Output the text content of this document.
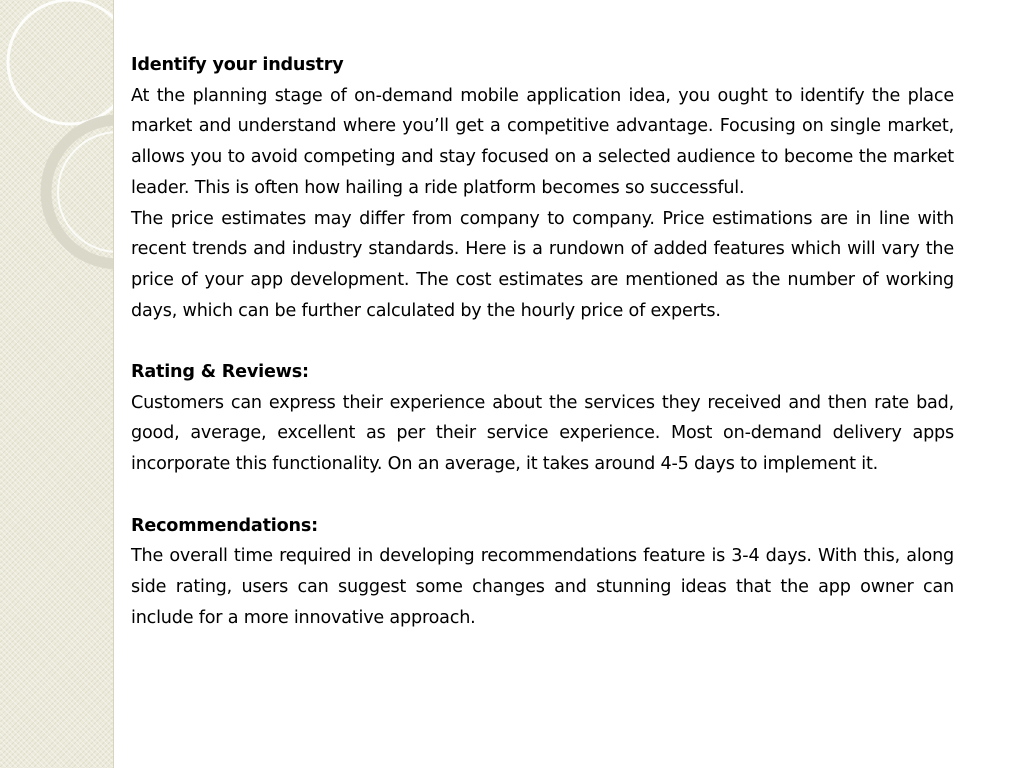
Identify your industry

At the planning stage of on-demand mobile application idea, you ought to identify the place market and understand where you’ll get a competitive advantage. Focusing on single market, allows you to avoid competing and stay focused on a selected audience to become the market leader. This is often how hailing a ride platform becomes so successful.

The price estimates may differ from company to company. Price estimations are in line with recent trends and industry standards. Here is a rundown of added features which will vary the price of your app development. The cost estimates are mentioned as the number of working days, which can be further calculated by the hourly price of experts.

Rating & Reviews:

Customers can express their experience about the services they received and then rate bad, good, average, excellent as per their service experience. Most on-demand delivery apps incorporate this functionality. On an average, it takes around 4-5 days to implement it.

Recommendations:

The overall time required in developing recommendations feature is 3-4 days. With this, along side rating, users can suggest some changes and stunning ideas that the app owner can include for a more innovative approach.
